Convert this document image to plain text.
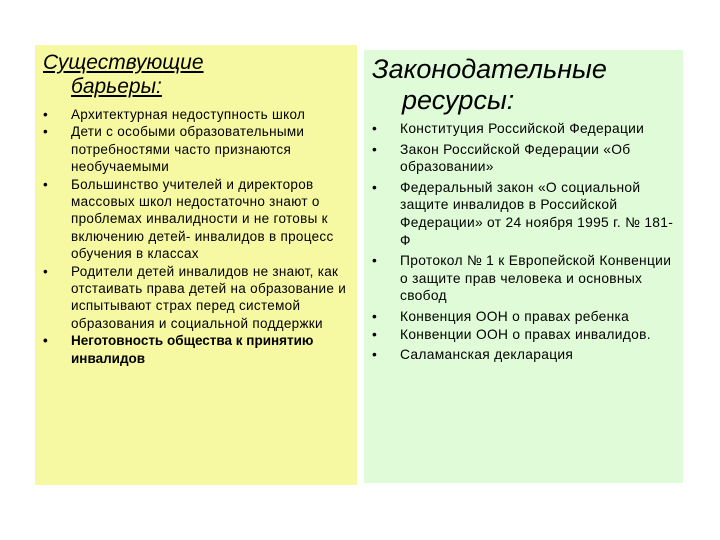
Существующие
барьеры:
• Архитектурная недоступность школ
• Дети с особыми образовательными потребностями часто признаются необучаемыми
• Большинство учителей и директоров массовых школ недостаточно знают о проблемах инвалидности и не готовы к включению детей- инвалидов в процесс обучения в классах
• Родители детей инвалидов не знают, как отстаивать права детей на образование и испытывают страх перед системой образования и социальной поддержки
• Неготовность общества к принятию инвалидов
Законодательные
ресурсы:
• Конституция Российской Федерации
• Закон Российской Федерации «Об образовании»
• Федеральный закон «О социальной защите инвалидов в Российской Федерации» от 24 ноября 1995 г. № 181-Ф
• Протокол № 1 к Европейской Конвенции о защите прав человека и основных свобод
• Конвенция ООН о правах ребенка
• Конвенции ООН о правах инвалидов.
• Саламанская декларация
